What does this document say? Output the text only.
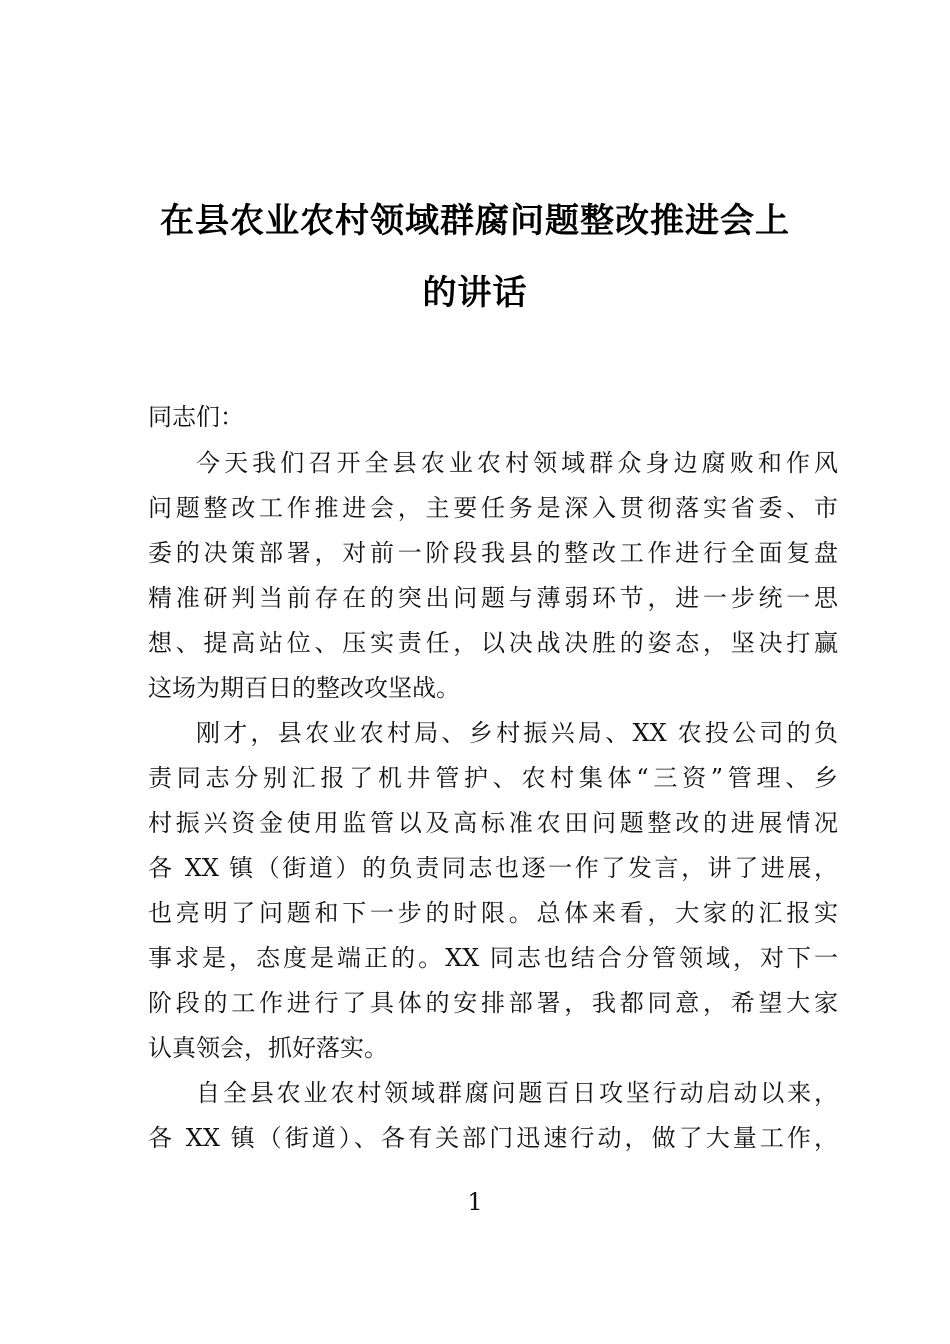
在县农业农村领域群腐问题整改推进会上
的讲话
同志们：
今天我们召开全县农业农村领域群众身边腐败和作风
问题整改工作推进会，主要任务是深入贯彻落实省委、市
委的决策部署，对前一阶段我县的整改工作进行全面复盘
精准研判当前存在的突出问题与薄弱环节，进一步统一思
想、提高站位、压实责任，以决战决胜的姿态，坚决打赢
这场为期百日的整改攻坚战。
刚才，县农业农村局、乡村振兴局、XX 农投公司的负
责同志分别汇报了机井管护、农村集体“三资”管理、乡
村振兴资金使用监管以及高标准农田问题整改的进展情况
各 XX 镇（街道）的负责同志也逐一作了发言，讲了进展，
也亮明了问题和下一步的时限。总体来看，大家的汇报实
事求是，态度是端正的。XX 同志也结合分管领域，对下一
阶段的工作进行了具体的安排部署，我都同意，希望大家
认真领会，抓好落实。
自全县农业农村领域群腐问题百日攻坚行动启动以来，
各 XX 镇（街道）、各有关部门迅速行动，做了大量工作，
1
